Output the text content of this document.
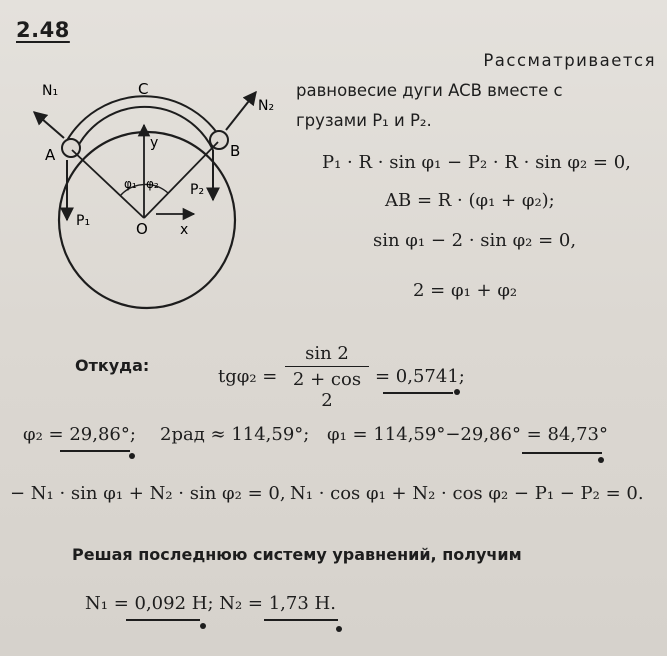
2.48
N₁	C
N₂
A	B
y
φ₁ φ₂
P₁
P₂
O x
Рассматривается
равновесие дуги ACB вместе с
грузами P₁ и P₂.
P₁ · R · sin φ₁ − P₂ · R · sin φ₂ = 0,
AB = R · (φ₁ + φ₂);
sin φ₁ − 2 · sin φ₂ = 0,
2 = φ₁ + φ₂
Откуда:
$tg\varphi_2 = \frac{\sin 2}{2 + \cos 2} = 0,5741$;
φ₂ = 29,86°; 2рад ≈ 114,59°; φ₁ = 114,59°−29,86° = 84,73°
− N₁ · sin φ₁ + N₂ · sin φ₂ = 0, N₁ · cos φ₁ + N₂ · cos φ₂ − P₁ − P₂ = 0.
Решая последнюю систему уравнений, получим
N₁ = 0,092 Н; N₂ = 1,73 Н.
